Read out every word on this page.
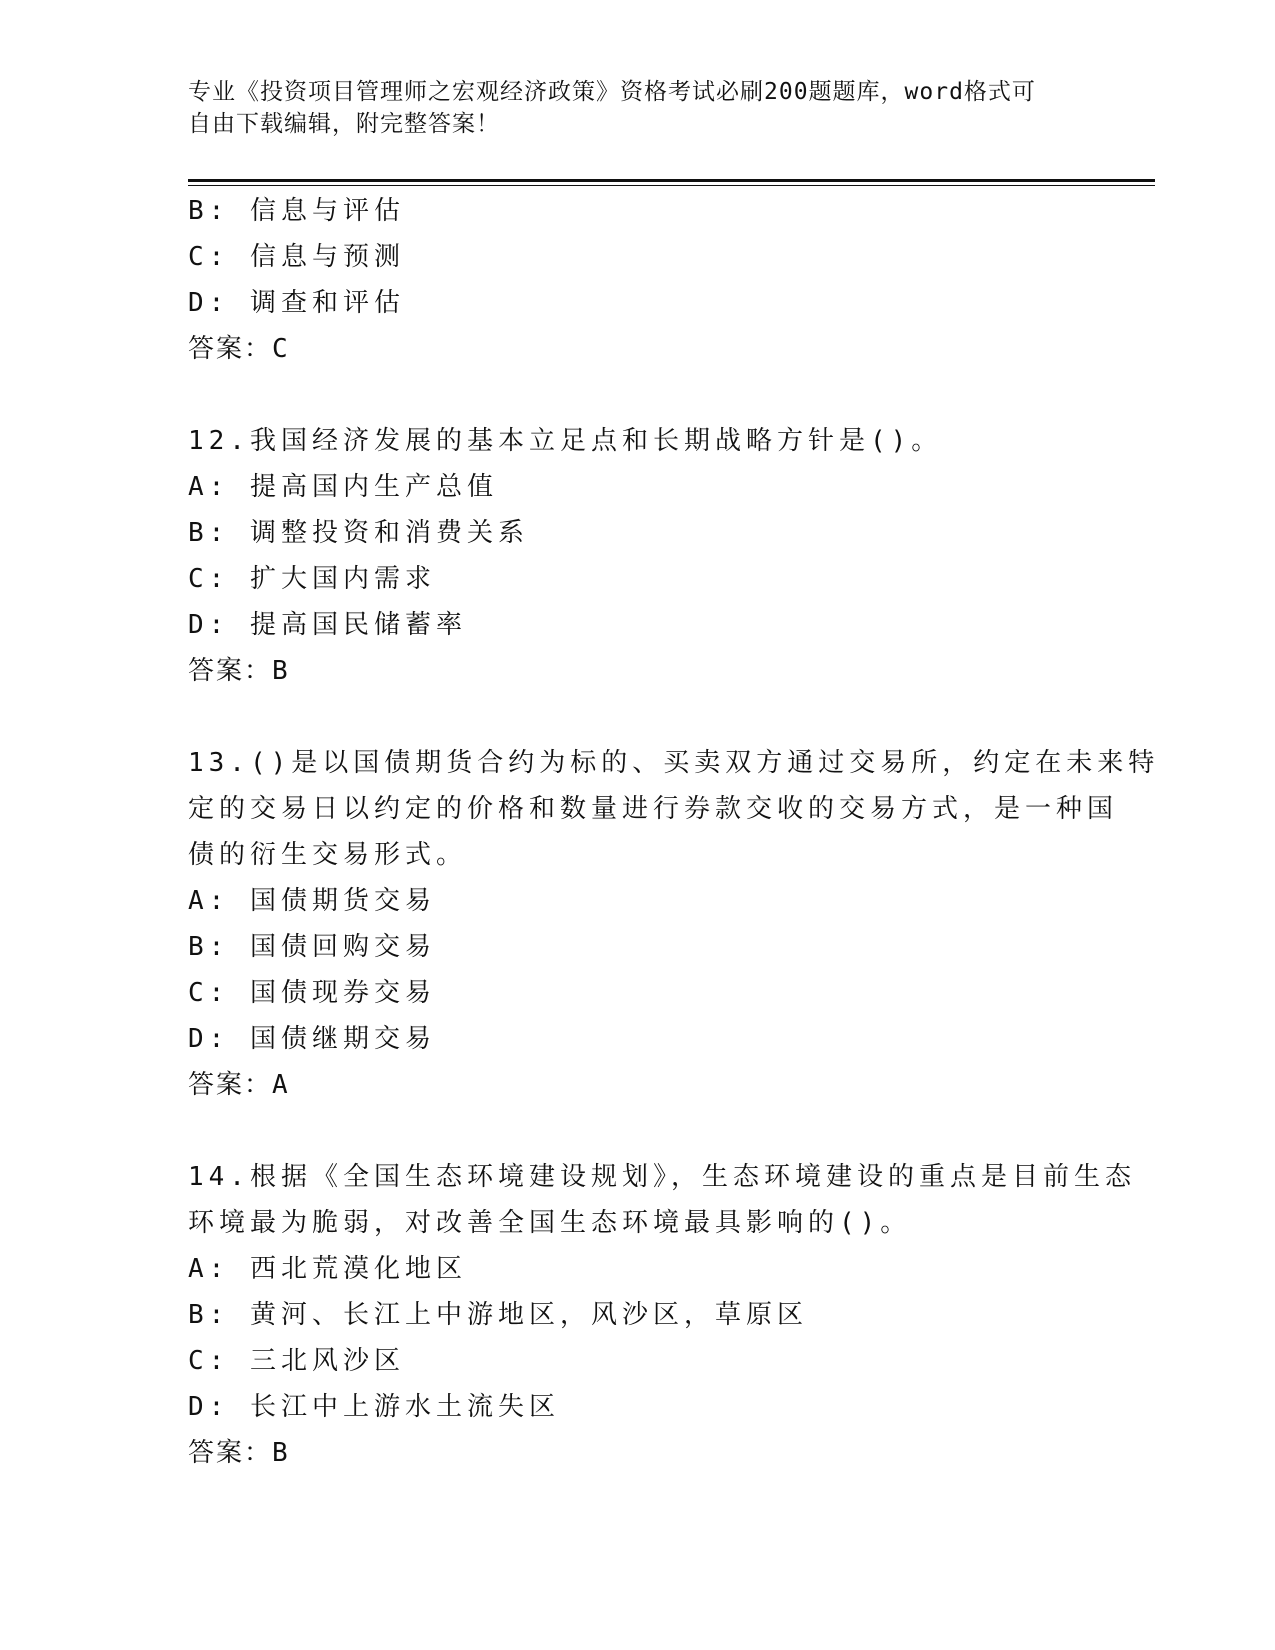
专业《投资项目管理师之宏观经济政策》资格考试必刷200题题库，word格式可
自由下载编辑，附完整答案！
B: 信息与评估
C: 信息与预测
D: 调查和评估
答案：C
12.我国经济发展的基本立足点和长期战略方针是()。
A: 提高国内生产总值
B: 调整投资和消费关系
C: 扩大国内需求
D: 提高国民储蓄率
答案：B
13.()是以国债期货合约为标的、买卖双方通过交易所，约定在未来特
定的交易日以约定的价格和数量进行券款交收的交易方式，是一种国
债的衍生交易形式。
A: 国债期货交易
B: 国债回购交易
C: 国债现券交易
D: 国债继期交易
答案：A
14.根据《全国生态环境建设规划》，生态环境建设的重点是目前生态
环境最为脆弱，对改善全国生态环境最具影响的()。
A: 西北荒漠化地区
B: 黄河、长江上中游地区，风沙区，草原区
C: 三北风沙区
D: 长江中上游水土流失区
答案：B
